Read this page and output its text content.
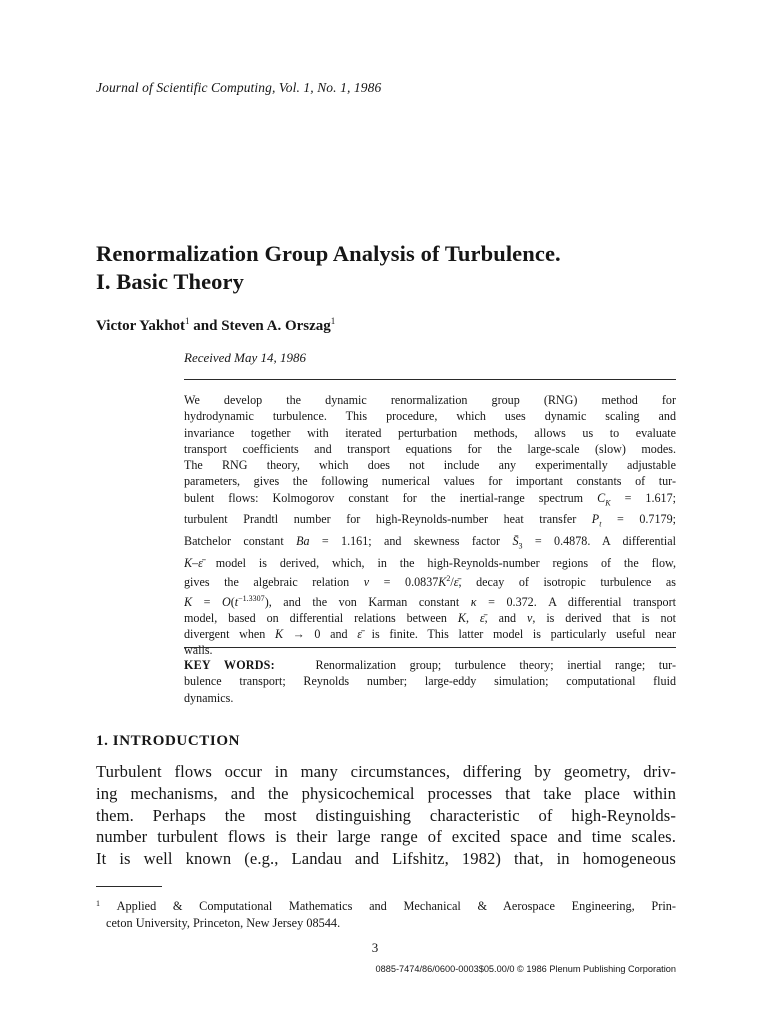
Journal of Scientific Computing, Vol. 1, No. 1, 1986
Renormalization Group Analysis of Turbulence.
I. Basic Theory
Victor Yakhot$^1$ and Steven A. Orszag$^1$
Received May 14, 1986
We develop the dynamic renormalization group (RNG) method for
hydrodynamic turbulence. This procedure, which uses dynamic scaling and
invariance together with iterated perturbation methods, allows us to evaluate
transport coefficients and transport equations for the large-scale (slow) modes.
The RNG theory, which does not include any experimentally adjustable
parameters, gives the following numerical values for important constants of tur-
bulent flows: Kolmogorov constant for the inertial-range spectrum $C_K = 1.617$;
turbulent Prandtl number for high-Reynolds-number heat transfer $P_t = 0.7179$;
Batchelor constant Ba = 1.161; and skewness factor $S̄_3 = 0.4878$. A differential
K–ε̄ model is derived, which, in the high-Reynolds-number regions of the flow,
gives the algebraic relation $\nu = 0.0837K^2/\varepsilon̄$, decay of isotropic turbulence as
$K = O(t^{-1.3307})$, and the von Karman constant κ = 0.372. A differential transport
model, based on differential relations between K, ε̄, and ν, is derived that is not
divergent when K → 0 and ε̄ is finite. This latter model is particularly useful near
walls.
KEY WORDS:	Renormalization group; turbulence theory; inertial range; tur-
bulence transport; Reynolds number; large-eddy simulation; computational fluid
dynamics.
1. INTRODUCTION
Turbulent flows occur in many circumstances, differing by geometry, driv-
ing mechanisms, and the physicochemical processes that take place within
them. Perhaps the most distinguishing characteristic of high-Reynolds-
number turbulent flows is their large range of excited space and time scales.
It is well known (e.g., Landau and Lifshitz, 1982) that, in homogeneous
$^1$ Applied & Computational Mathematics and Mechanical & Aerospace Engineering, Prin-
ceton University, Princeton, New Jersey 08544.
3
0885-7474/86/0600-0003$05.00/0 © 1986 Plenum Publishing Corporation
